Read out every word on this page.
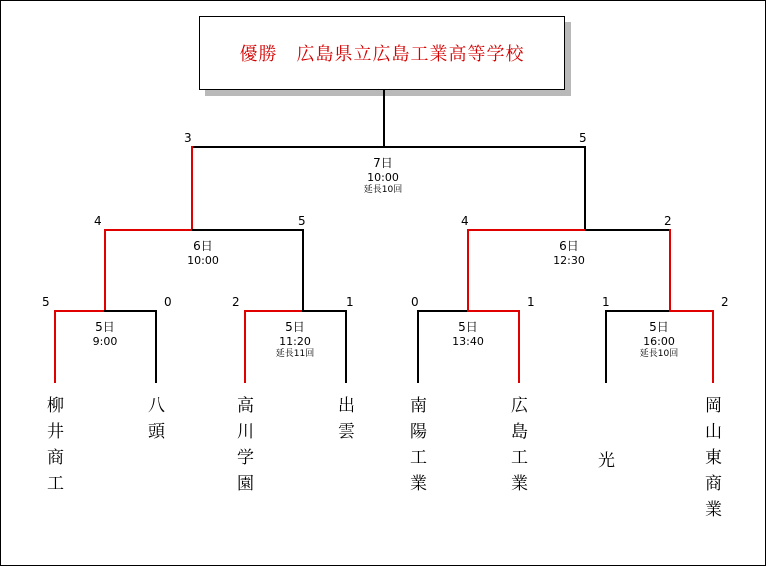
優勝　広島県立広島工業高等学校
7日
10:00
延長10回
3	5
6日
10:00
4	5
6日
12:30
4	2
5日
9:00
5	0
5日
11:20
延長11回
2	1
5日
13:40
0	1
5日
16:00
延長10回
1	2
柳井商工	八頭	高川学園	出雲	南陽工業	広島工業	光	岡山東商業
